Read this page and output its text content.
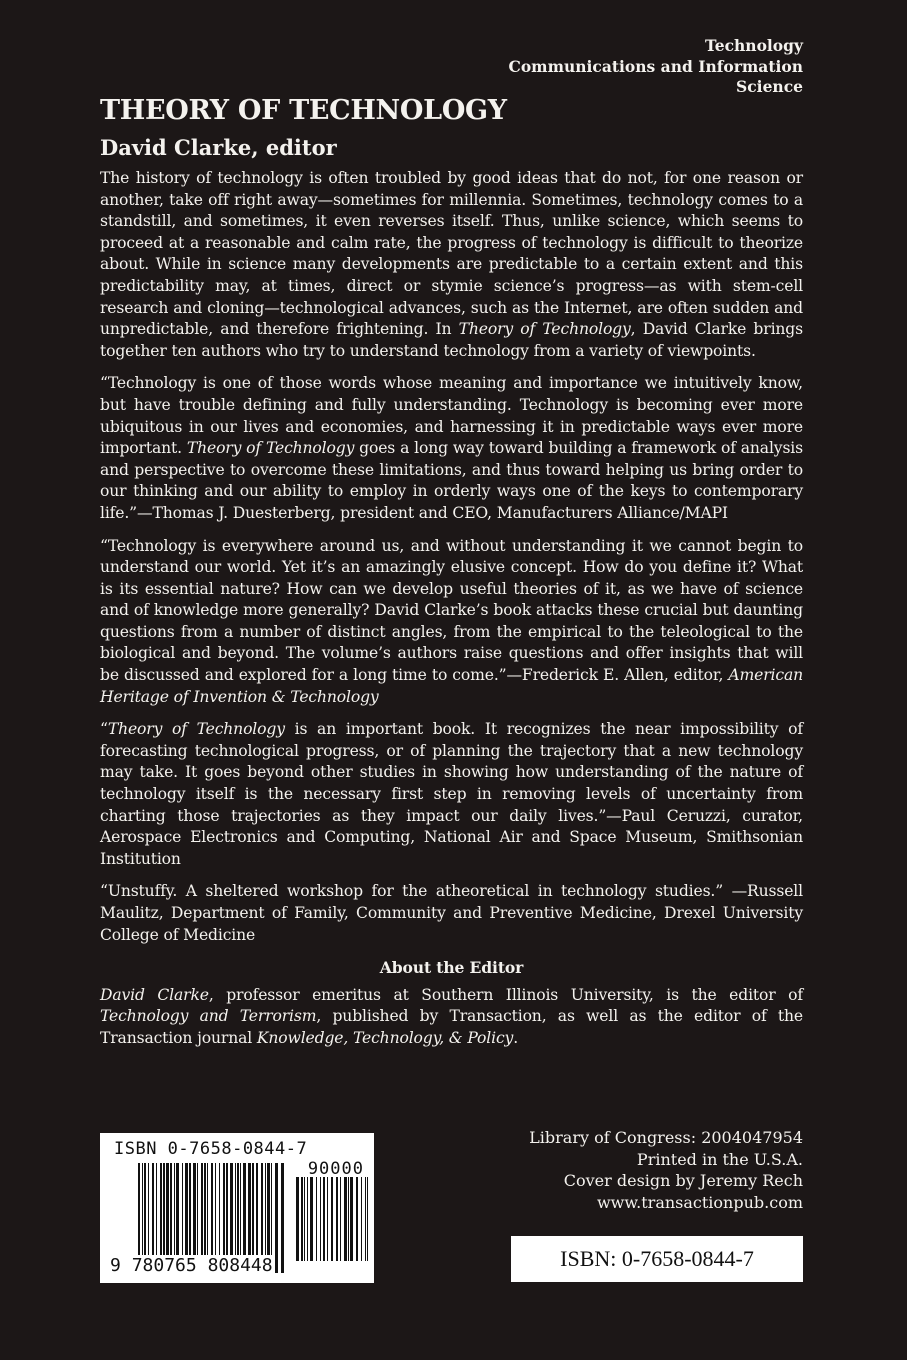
Technology
Communications and Information
Science
THEORY OF TECHNOLOGY
David Clarke, editor

The history of technology is often troubled by good ideas that do not, for one reason or another, take off right away—sometimes for millennia. Sometimes, technology comes to a standstill, and sometimes, it even reverses itself. Thus, unlike science, which seems to proceed at a reasonable and calm rate, the progress of technology is difficult to theorize about. While in science many developments are predictable to a certain extent and this predictability may, at times, direct or stymie science’s progress—as with stem-cell research and cloning—technological advances, such as the Internet, are often sudden and unpredictable, and therefore frightening. In Theory of Technology, David Clarke brings together ten authors who try to understand technology from a variety of viewpoints.

“Technology is one of those words whose meaning and importance we intuitively know, but have trouble defining and fully understanding. Technology is becoming ever more ubiquitous in our lives and economies, and harnessing it in predictable ways ever more important. Theory of Technology goes a long way toward building a framework of analysis and perspective to overcome these limitations, and thus toward helping us bring order to our thinking and our ability to employ in orderly ways one of the keys to contemporary life.”—Thomas J. Duesterberg, president and CEO, Manufacturers Alliance/MAPI

“Technology is everywhere around us, and without understanding it we cannot begin to understand our world. Yet it’s an amazingly elusive concept. How do you define it? What is its essential nature? How can we develop useful theories of it, as we have of science and of knowledge more generally? David Clarke’s book attacks these crucial but daunting questions from a number of distinct angles, from the empirical to the teleological to the biological and beyond. The volume’s authors raise questions and offer insights that will be discussed and explored for a long time to come.”—Frederick E. Allen, editor, American Heritage of Invention & Technology

“Theory of Technology is an important book. It recognizes the near impossibility of forecasting technological progress, or of planning the trajectory that a new technology may take. It goes beyond other studies in showing how understanding of the nature of technology itself is the necessary first step in removing levels of uncertainty from charting those trajectories as they impact our daily lives.”—Paul Ceruzzi, curator, Aerospace Electronics and Computing, National Air and Space Museum, Smithsonian Institution

“Unstuffy. A sheltered workshop for the atheoretical in technology studies.” —Russell Maulitz, Department of Family, Community and Preventive Medicine, Drexel University College of Medicine

About the Editor

David Clarke, professor emeritus at Southern Illinois University, is the editor of Technology and Terrorism, published by Transaction, as well as the editor of the Transaction journal Knowledge, Technology, & Policy.

ISBN 0-7658-0844-7
90000
9 780765 808448
Library of Congress: 2004047954
Printed in the U.S.A.
Cover design by Jeremy Rech
www.transactionpub.com
ISBN: 0-7658-0844-7
